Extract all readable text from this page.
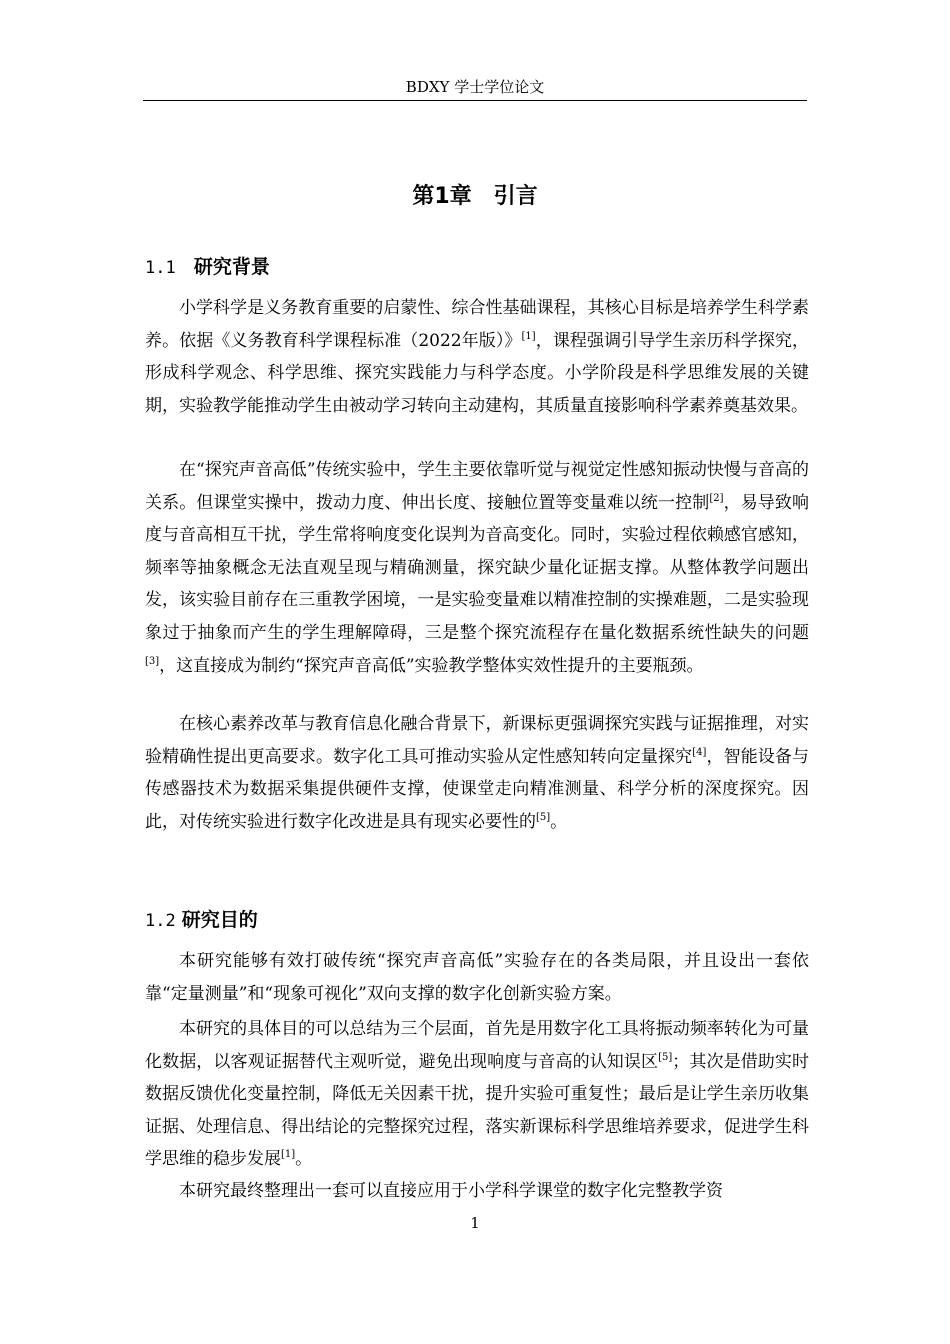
BDXY 学士学位论文
第1章　引言
1.1 研究背景

小学科学是义务教育重要的启蒙性、综合性基础课程，其核心目标是培养学生科学素养。依据《义务教育科学课程标准（2022年版）》[1]，课程强调引导学生亲历科学探究，形成科学观念、科学思维、探究实践能力与科学态度。小学阶段是科学思维发展的关键期，实验教学能推动学生由被动学习转向主动建构，其质量直接影响科学素养奠基效果。

在“探究声音高低”传统实验中，学生主要依靠听觉与视觉定性感知振动快慢与音高的关系。但课堂实操中，拨动力度、伸出长度、接触位置等变量难以统一控制[2]，易导致响度与音高相互干扰，学生常将响度变化误判为音高变化。同时，实验过程依赖感官感知，频率等抽象概念无法直观呈现与精确测量，探究缺少量化证据支撑。从整体教学问题出发，该实验目前存在三重教学困境，一是实验变量难以精准控制的实操难题，二是实验现象过于抽象而产生的学生理解障碍，三是整个探究流程存在量化数据系统性缺失的问题[3]，这直接成为制约“探究声音高低”实验教学整体实效性提升的主要瓶颈。

在核心素养改革与教育信息化融合背景下，新课标更强调探究实践与证据推理，对实验精确性提出更高要求。数字化工具可推动实验从定性感知转向定量探究[4]，智能设备与传感器技术为数据采集提供硬件支撑，使课堂走向精准测量、科学分析的深度探究。因此，对传统实验进行数字化改进是具有现实必要性的[5]。

1.2 研究目的

本研究能够有效打破传统“探究声音高低”实验存在的各类局限，并且设出一套依靠“定量测量”和“现象可视化”双向支撑的数字化创新实验方案。

本研究的具体目的可以总结为三个层面，首先是用数字化工具将振动频率转化为可量化数据，以客观证据替代主观听觉，避免出现响度与音高的认知误区[5]；其次是借助实时数据反馈优化变量控制，降低无关因素干扰，提升实验可重复性；最后是让学生亲历收集证据、处理信息、得出结论的完整探究过程，落实新课标科学思维培养要求，促进学生科学思维的稳步发展[1]。

本研究最终整理出一套可以直接应用于小学科学课堂的数字化完整教学资

1
